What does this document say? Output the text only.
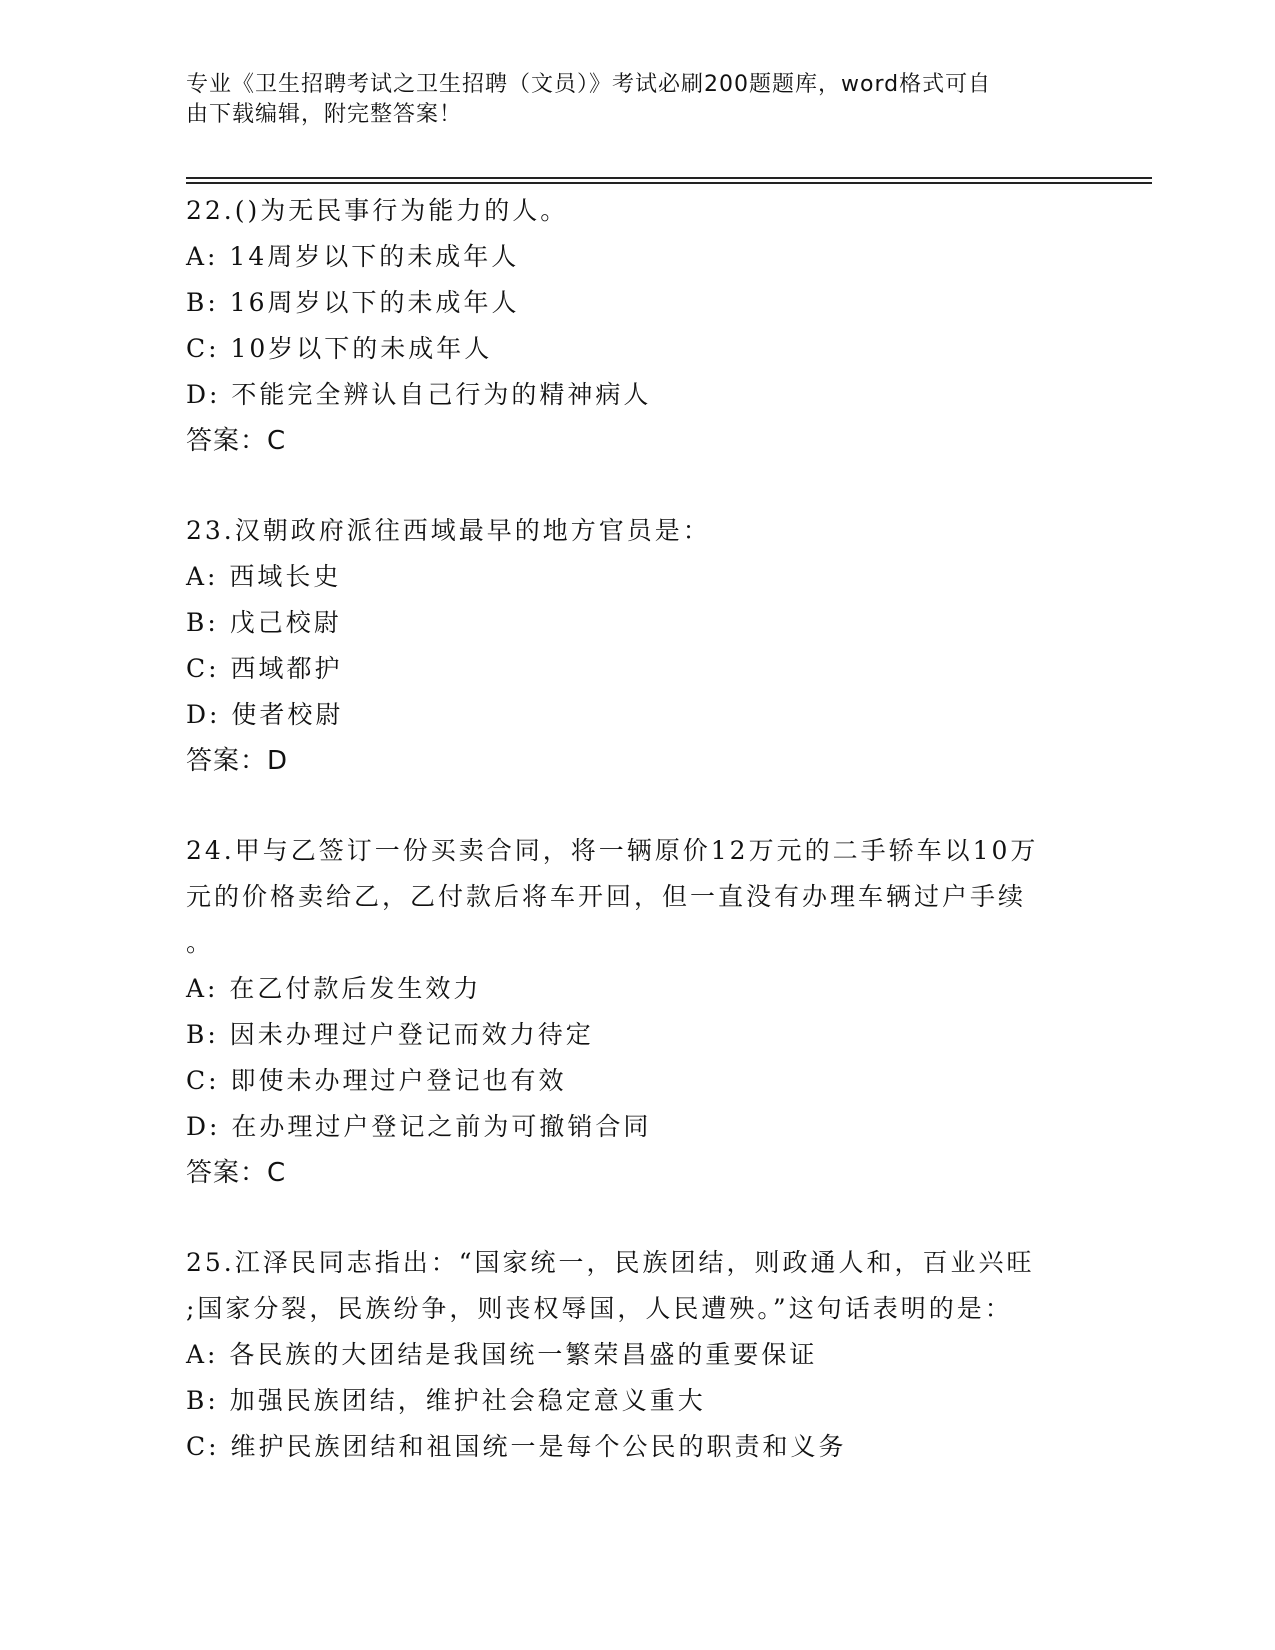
专业《卫生招聘考试之卫生招聘（文员）》考试必刷200题题库，word格式可自
由下载编辑，附完整答案！
22.()为无民事行为能力的人。
A: 14周岁以下的未成年人
B: 16周岁以下的未成年人
C: 10岁以下的未成年人
D: 不能完全辨认自己行为的精神病人
答案：C
23.汉朝政府派往西域最早的地方官员是：
A: 西域长史
B: 戊己校尉
C: 西域都护
D: 使者校尉
答案：D
24.甲与乙签订一份买卖合同，将一辆原价12万元的二手轿车以10万
元的价格卖给乙，乙付款后将车开回，但一直没有办理车辆过户手续
。
A: 在乙付款后发生效力
B: 因未办理过户登记而效力待定
C: 即使未办理过户登记也有效
D: 在办理过户登记之前为可撤销合同
答案：C
25.江泽民同志指出：“国家统一，民族团结，则政通人和，百业兴旺
;国家分裂，民族纷争，则丧权辱国，人民遭殃。”这句话表明的是：
A: 各民族的大团结是我国统一繁荣昌盛的重要保证
B: 加强民族团结，维护社会稳定意义重大
C: 维护民族团结和祖国统一是每个公民的职责和义务
